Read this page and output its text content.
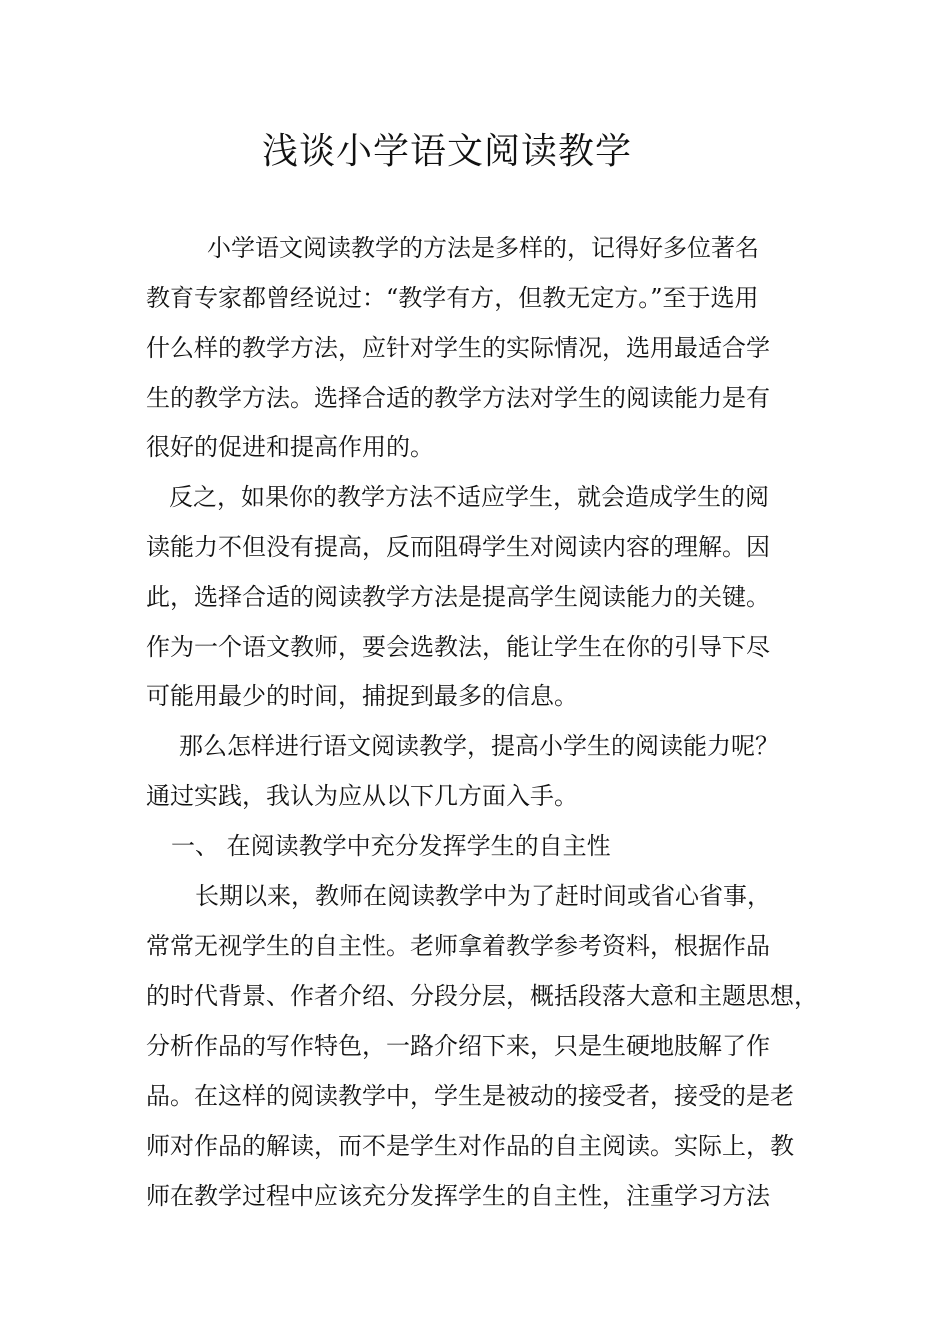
浅谈小学语文阅读教学

小学语文阅读教学的方法是多样的，记得好多位著名

教育专家都曾经说过：“教学有方，但教无定方。”至于选用

什么样的教学方法，应针对学生的实际情况，选用最适合学

生的教学方法。选择合适的教学方法对学生的阅读能力是有

很好的促进和提高作用的。

反之，如果你的教学方法不适应学生，就会造成学生的阅

读能力不但没有提高，反而阻碍学生对阅读内容的理解。因

此，选择合适的阅读教学方法是提高学生阅读能力的关键。

作为一个语文教师，要会选教法，能让学生在你的引导下尽

可能用最少的时间，捕捉到最多的信息。

那么怎样进行语文阅读教学，提高小学生的阅读能力呢？

通过实践，我认为应从以下几方面入手。

一、 在阅读教学中充分发挥学生的自主性

长期以来，教师在阅读教学中为了赶时间或省心省事，

常常无视学生的自主性。老师拿着教学参考资料，根据作品

的时代背景、作者介绍、分段分层，概括段落大意和主题思想，

分析作品的写作特色，一路介绍下来，只是生硬地肢解了作

品。在这样的阅读教学中，学生是被动的接受者，接受的是老

师对作品的解读，而不是学生对作品的自主阅读。实际上，教

师在教学过程中应该充分发挥学生的自主性，注重学习方法
